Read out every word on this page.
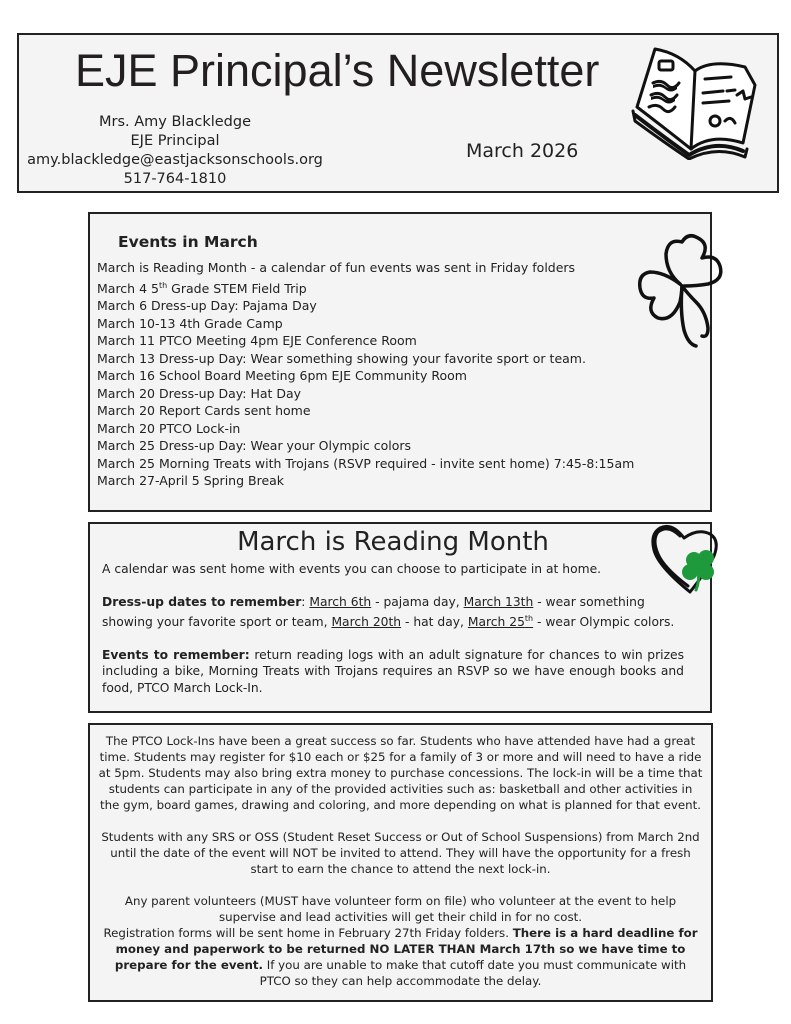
EJE Principal’s Newsletter
Mrs. Amy Blackledge
EJE Principal
amy.blackledge@eastjacksonschools.org
517-764-1810
March 2026
Events in March
March is Reading Month - a calendar of fun events was sent in Friday folders
March 4 5th Grade STEM Field Trip
March 6 Dress-up Day: Pajama Day
March 10-13 4th Grade Camp
March 11 PTCO Meeting 4pm EJE Conference Room
March 13 Dress-up Day: Wear something showing your favorite sport or team.
March 16 School Board Meeting 6pm EJE Community Room
March 20 Dress-up Day: Hat Day
March 20 Report Cards sent home
March 20 PTCO Lock-in
March 25 Dress-up Day: Wear your Olympic colors
March 25 Morning Treats with Trojans (RSVP required - invite sent home) 7:45-8:15am
March 27-April 5 Spring Break
March is Reading Month

A calendar was sent home with events you can choose to participate in at home.

Dress-up dates to remember: March 6th - pajama day, March 13th - wear something showing your favorite sport or team, March 20th - hat day, March 25th - wear Olympic colors.

Events to remember: return reading logs with an adult signature for chances to win prizes including a bike, Morning Treats with Trojans requires an RSVP so we have enough books and food, PTCO March Lock-In.

The PTCO Lock-Ins have been a great success so far. Students who have attended have had a great time. Students may register for $10 each or $25 for a family of 3 or more and will need to have a ride at 5pm. Students may also bring extra money to purchase concessions. The lock-in will be a time that students can participate in any of the provided activities such as: basketball and other activities in the gym, board games, drawing and coloring, and more depending on what is planned for that event.

Students with any SRS or OSS (Student Reset Success or Out of School Suspensions) from March 2nd until the date of the event will NOT be invited to attend. They will have the opportunity for a fresh start to earn the chance to attend the next lock-in.

Any parent volunteers (MUST have volunteer form on file) who volunteer at the event to help supervise and lead activities will get their child in for no cost.

Registration forms will be sent home in February 27th Friday folders. There is a hard deadline for money and paperwork to be returned NO LATER THAN March 17th so we have time to prepare for the event. If you are unable to make that cutoff date you must communicate with PTCO so they can help accommodate the delay.
